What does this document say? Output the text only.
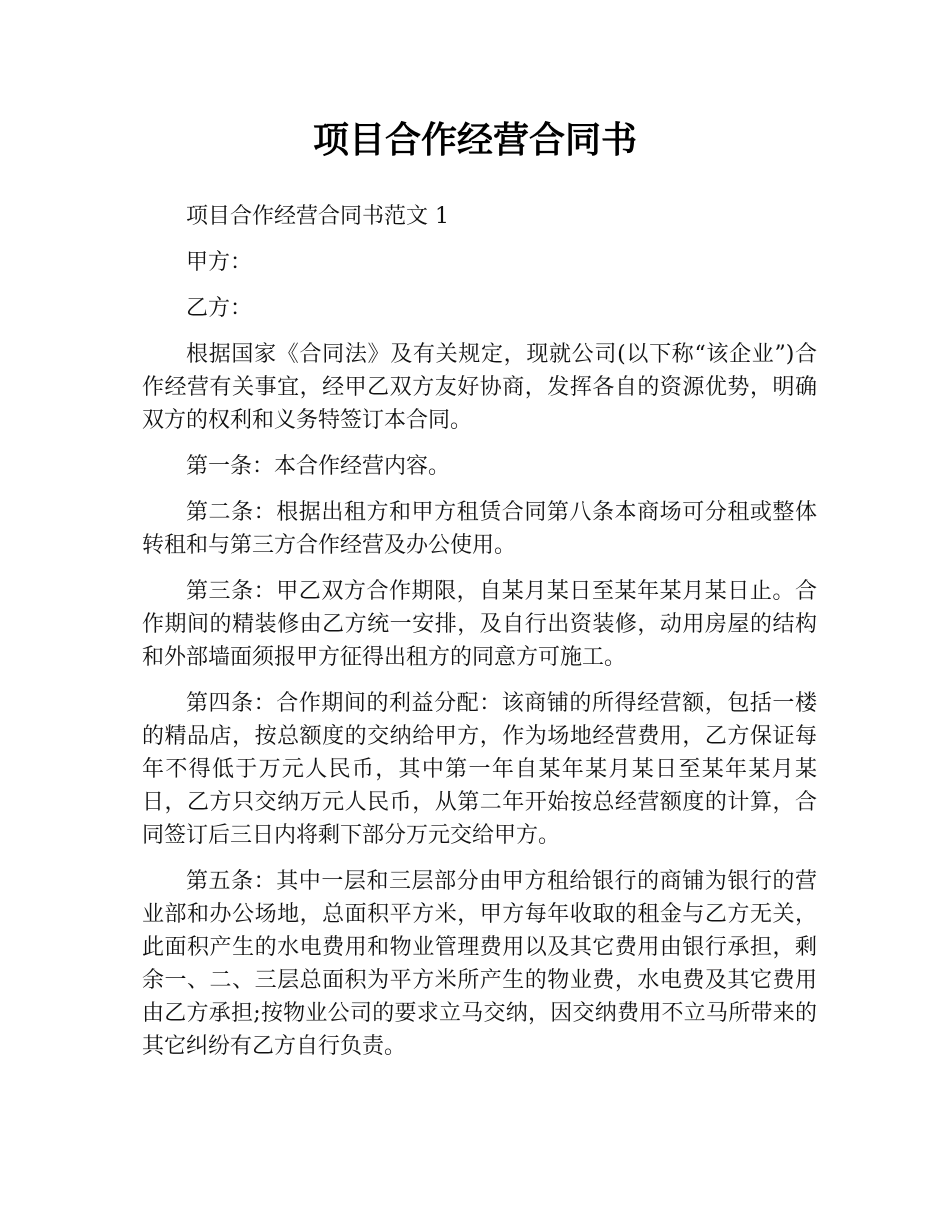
项目合作经营合同书

项目合作经营合同书范文 1

甲方：

乙方：

根据国家《合同法》及有关规定，现就公司(以下称“该企业”)合作经营有关事宜，经甲乙双方友好协商，发挥各自的资源优势，明确双方的权利和义务特签订本合同。

第一条：本合作经营内容。

第二条：根据出租方和甲方租赁合同第八条本商场可分租或整体转租和与第三方合作经营及办公使用。

第三条：甲乙双方合作期限，自某月某日至某年某月某日止。合作期间的精装修由乙方统一安排，及自行出资装修，动用房屋的结构和外部墙面须报甲方征得出租方的同意方可施工。

第四条：合作期间的利益分配：该商铺的所得经营额，包括一楼的精品店，按总额度的交纳给甲方，作为场地经营费用，乙方保证每年不得低于万元人民币，其中第一年自某年某月某日至某年某月某日，乙方只交纳万元人民币，从第二年开始按总经营额度的计算，合同签订后三日内将剩下部分万元交给甲方。

第五条：其中一层和三层部分由甲方租给银行的商铺为银行的营业部和办公场地，总面积平方米，甲方每年收取的租金与乙方无关，此面积产生的水电费用和物业管理费用以及其它费用由银行承担，剩余一、二、三层总面积为平方米所产生的物业费，水电费及其它费用由乙方承担;按物业公司的要求立马交纳，因交纳费用不立马所带来的其它纠纷有乙方自行负责。
